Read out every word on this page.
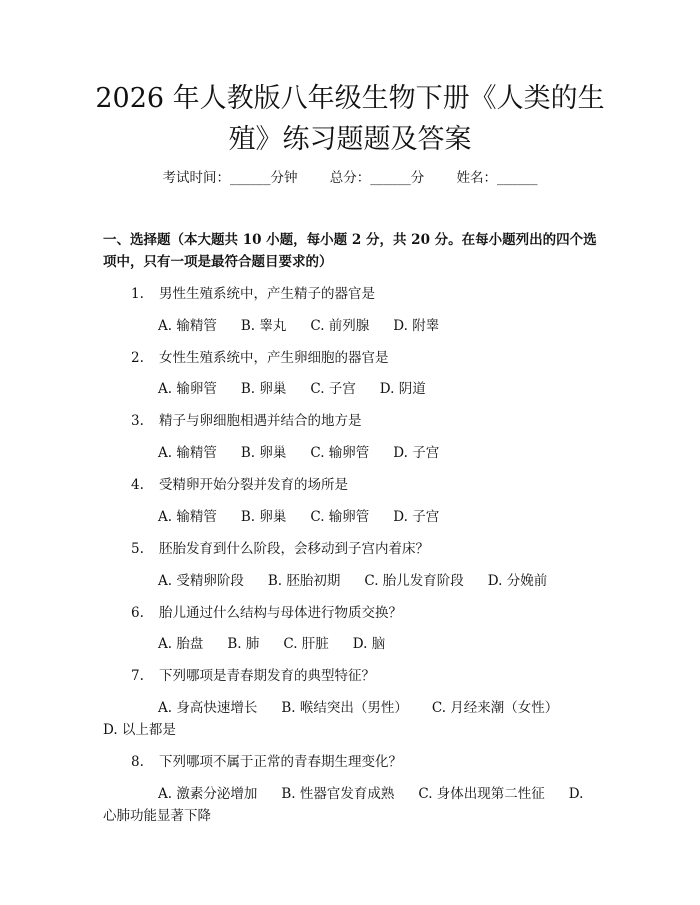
2026 年人教版八年级生物下册《人类的生殖》练习题题及答案
考试时间：______分钟 总分：______分 姓名：______
一、选择题（本大题共 10 小题，每小题 2 分，共 20 分。在每小题列出的四个选项中，只有一项是最符合题目要求的）
1. 男性生殖系统中，产生精子的器官是
A. 输精管 B. 睾丸 C. 前列腺 D. 附睾
2. 女性生殖系统中，产生卵细胞的器官是
A. 输卵管 B. 卵巢 C. 子宫 D. 阴道
3. 精子与卵细胞相遇并结合的地方是
A. 输精管 B. 卵巢 C. 输卵管 D. 子宫
4. 受精卵开始分裂并发育的场所是
A. 输精管 B. 卵巢 C. 输卵管 D. 子宫
5. 胚胎发育到什么阶段，会移动到子宫内着床？
A. 受精卵阶段 B. 胚胎初期 C. 胎儿发育阶段 D. 分娩前
6. 胎儿通过什么结构与母体进行物质交换？
A. 胎盘 B. 肺 C. 肝脏 D. 脑
7. 下列哪项是青春期发育的典型特征？
A. 身高快速增长 B. 喉结突出（男性） C. 月经来潮（女性）
D. 以上都是
8. 下列哪项不属于正常的青春期生理变化？
A. 激素分泌增加 B. 性器官发育成熟 C. 身体出现第二性征 D.
心肺功能显著下降
